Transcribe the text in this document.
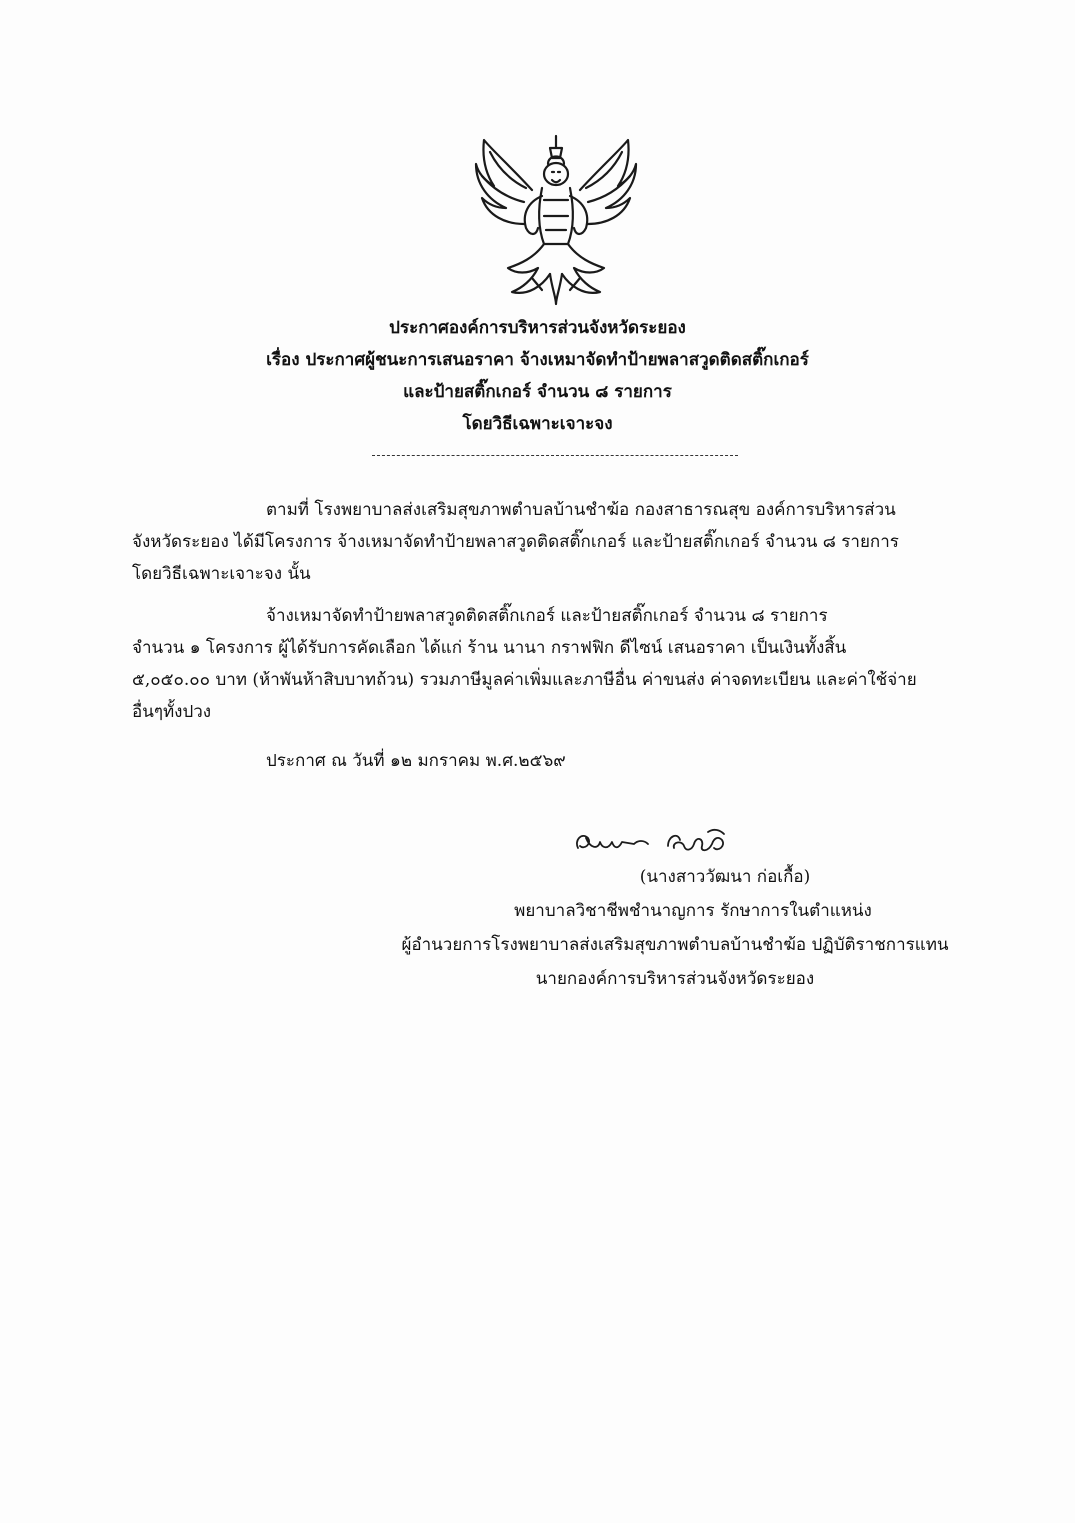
ประกาศองค์การบริหารส่วนจังหวัดระยอง
เรื่อง ประกาศผู้ชนะการเสนอราคา จ้างเหมาจัดทำป้ายพลาสวูดติดสติ๊กเกอร์
และป้ายสติ๊กเกอร์ จำนวน ๘ รายการ
โดยวิธีเฉพาะเจาะจง
ตามที่ โรงพยาบาลส่งเสริมสุขภาพตำบลบ้านชำฆ้อ กองสาธารณสุข องค์การบริหารส่วน
จังหวัดระยอง ได้มีโครงการ จ้างเหมาจัดทำป้ายพลาสวูดติดสติ๊กเกอร์ และป้ายสติ๊กเกอร์ จำนวน ๘ รายการ
โดยวิธีเฉพาะเจาะจง นั้น
จ้างเหมาจัดทำป้ายพลาสวูดติดสติ๊กเกอร์ และป้ายสติ๊กเกอร์ จำนวน ๘ รายการ
จำนวน ๑ โครงการ ผู้ได้รับการคัดเลือก ได้แก่ ร้าน นานา กราฟฟิก ดีไซน์ เสนอราคา เป็นเงินทั้งสิ้น
๕,๐๕๐.๐๐ บาท (ห้าพันห้าสิบบาทถ้วน) รวมภาษีมูลค่าเพิ่มและภาษีอื่น ค่าขนส่ง ค่าจดทะเบียน และค่าใช้จ่าย
อื่นๆทั้งปวง
ประกาศ ณ วันที่ ๑๒ มกราคม พ.ศ.๒๕๖๙
(นางสาววัฒนา ก่อเกื้อ)
พยาบาลวิชาชีพชำนาญการ รักษาการในตำแหน่ง
ผู้อำนวยการโรงพยาบาลส่งเสริมสุขภาพตำบลบ้านชำฆ้อ ปฏิบัติราชการแทน
นายกองค์การบริหารส่วนจังหวัดระยอง
